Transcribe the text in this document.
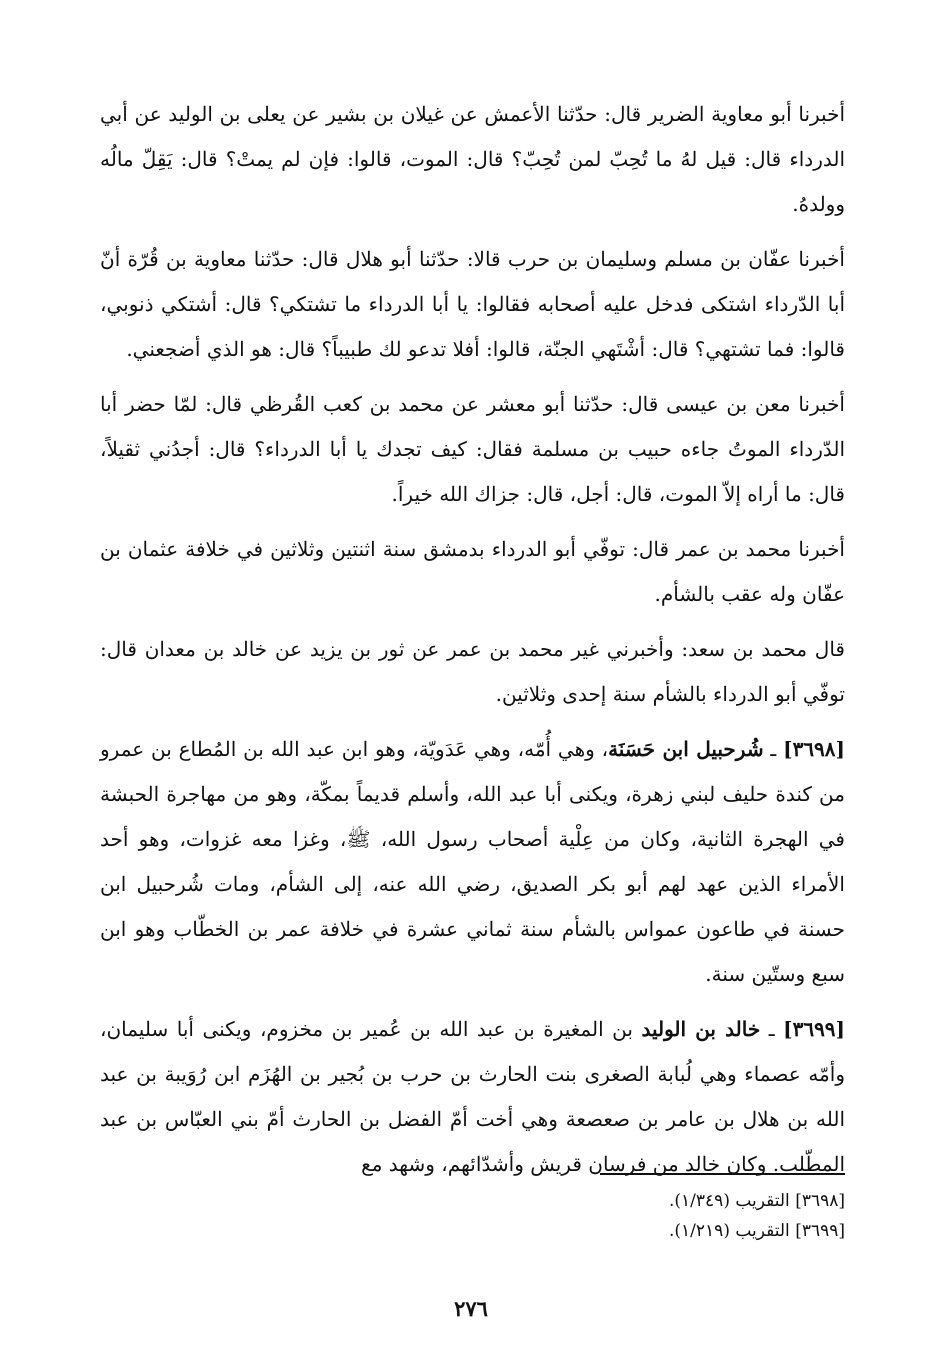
أخبرنا أبو معاوية الضرير قال: حدّثنا الأعمش عن غيلان بن بشير عن يعلى بن الوليد عن أبي الدرداء قال: قيل لهُ ما تُحِبّ لمن تُحِبّ؟ قال: الموت، قالوا: فإن لم يمتْ؟ قال: يَقِلّ مالُه وولدهُ.

أخبرنا عفّان بن مسلم وسليمان بن حرب قالا: حدّثنا أبو هلال قال: حدّثنا معاوية بن قُرّة أنّ أبا الدّرداء اشتكى فدخل عليه أصحابه فقالوا: يا أبا الدرداء ما تشتكي؟ قال: أشتكي ذنوبي، قالوا: فما تشتهي؟ قال: أشْتَهي الجنّة، قالوا: أفلا تدعو لك طبيباً؟ قال: هو الذي أضجعني.

أخبرنا معن بن عيسى قال: حدّثنا أبو معشر عن محمد بن كعب القُرظي قال: لمّا حضر أبا الدّرداء الموتُ جاءه حبيب بن مسلمة فقال: كيف تجدك يا أبا الدرداء؟ قال: أجدُني ثقيلاً، قال: ما أراه إلاّ الموت، قال: أجل، قال: جزاك الله خيراً.

أخبرنا محمد بن عمر قال: توفّي أبو الدرداء بدمشق سنة اثنتين وثلاثين في خلافة عثمان بن عفّان وله عقب بالشأم.

قال محمد بن سعد: وأخبرني غير محمد بن عمر عن ثور بن يزيد عن خالد بن معدان قال: توفّي أبو الدرداء بالشأم سنة إحدى وثلاثين.

[٣٦٩٨] ـ شُرحبيل ابن حَسَنَة، وهي أُمّه، وهي عَدَويّة، وهو ابن عبد الله بن المُطاع بن عمرو من كندة حليف لبني زهرة، ويكنى أبا عبد الله، وأسلم قديماً بمكّة، وهو من مهاجرة الحبشة في الهجرة الثانية، وكان من عِلْية أصحاب رسول الله، ﷺ، وغزا معه غزوات، وهو أحد الأمراء الذين عهد لهم أبو بكر الصديق، رضي الله عنه، إلى الشأم، ومات شُرحبيل ابن حسنة في طاعون عمواس بالشأم سنة ثماني عشرة في خلافة عمر بن الخطّاب وهو ابن سبع وستّين سنة.

[٣٦٩٩] ـ خالد بن الوليد بن المغيرة بن عبد الله بن عُمير بن مخزوم، ويكنى أبا سليمان، وأمّه عصماء وهي لُبابة الصغرى بنت الحارث بن حرب بن بُجير بن الهُزَم ابن رُوَيبة بن عبد الله بن هلال بن عامر بن صعصعة وهي أخت أمّ الفضل بن الحارث أمّ بني العبّاس بن عبد المطّلب. وكان خالد من فرسان قريش وأشدّائهم، وشهد مع

[٣٦٩٨] التقريب (١/٣٤٩).

[٣٦٩٩] التقريب (١/٢١٩).

٢٧٦
